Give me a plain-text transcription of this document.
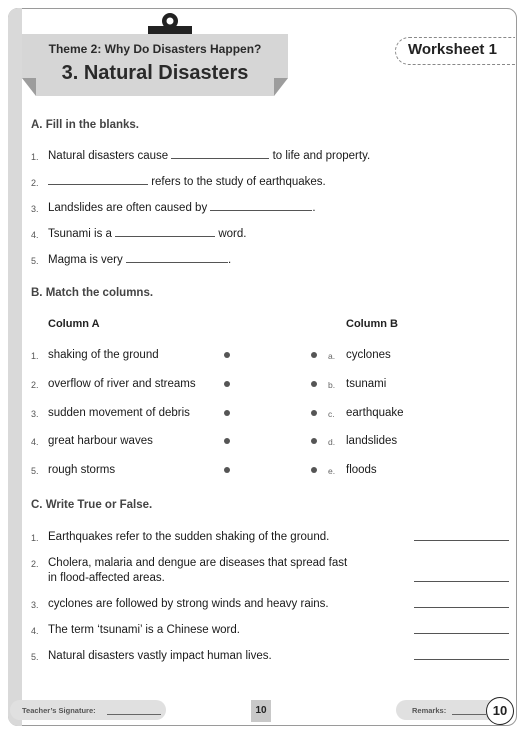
Theme 2: Why Do Disasters Happen?
3. Natural Disasters
Worksheet 1
A. Fill in the blanks.
1. Natural disasters cause	to life and property.
2.	refers to the study of earthquakes.
3. Landslides are often caused by	.
4. Tsunami is a	word.
5. Magma is very	.
B. Match the columns.
Column A	Column B
1. shaking of the ground	a. cyclones
2. overflow of river and streams	b. tsunami
3. sudden movement of debris	c. earthquake
4. great harbour waves	d. landslides
5. rough storms	e. floods
C. Write True or False.
1. Earthquakes refer to the sudden shaking of the ground.
2. Cholera, malaria and dengue are diseases that spread fast
in flood-affected areas.
3. cyclones are followed by strong winds and heavy rains.
4. The term ‘tsunami’ is a Chinese word.
5. Natural disasters vastly impact human lives.
Teacher’s Signature:	10	Remarks:	10
